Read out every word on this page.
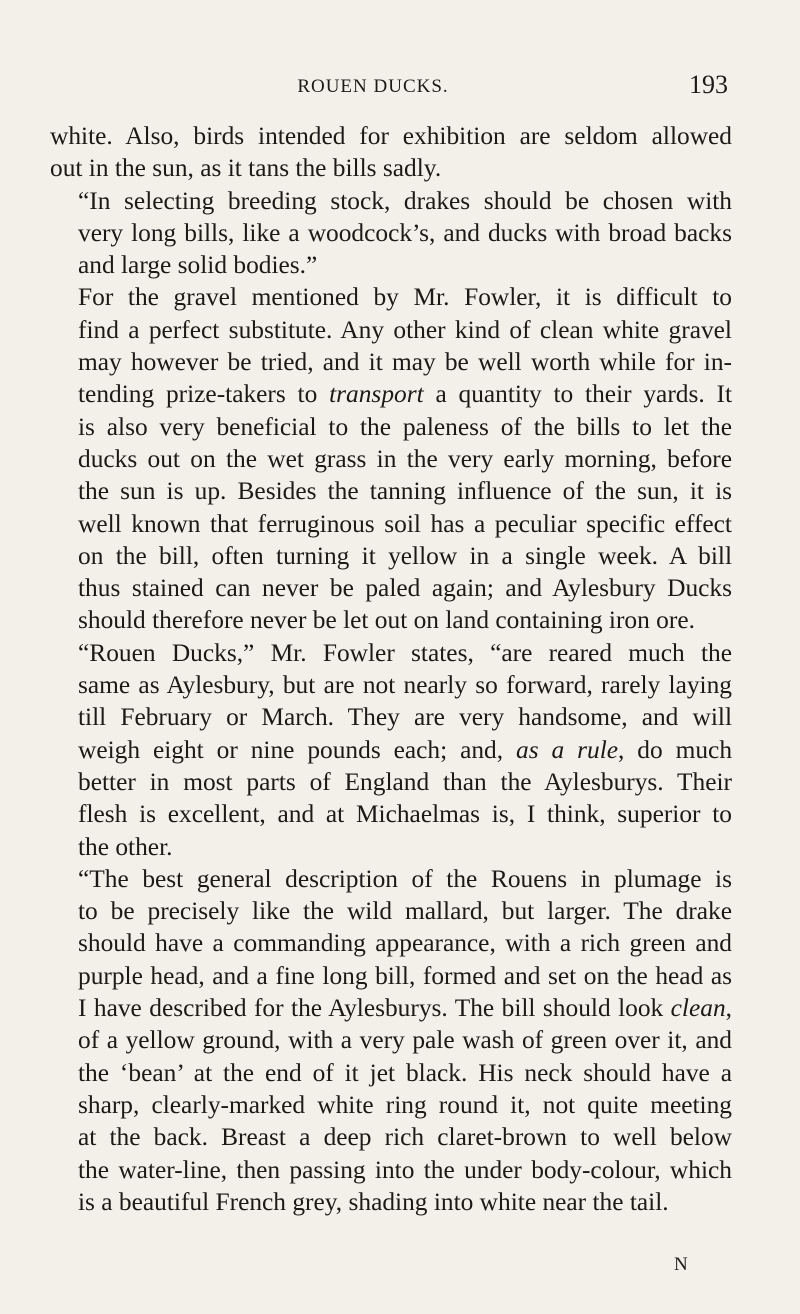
ROUEN DUCKS.	193

white. Also, birds intended for exhibition are seldom allowed
out in the sun, as it tans the bills sadly.

“In selecting breeding stock, drakes should be chosen with
very long bills, like a woodcock’s, and ducks with broad backs
and large solid bodies.”

For the gravel mentioned by Mr. Fowler, it is difficult to
find a perfect substitute. Any other kind of clean white gravel
may however be tried, and it may be well worth while for in-
tending prize-takers to transport a quantity to their yards. It
is also very beneficial to the paleness of the bills to let the
ducks out on the wet grass in the very early morning, before
the sun is up. Besides the tanning influence of the sun, it is
well known that ferruginous soil has a peculiar specific effect
on the bill, often turning it yellow in a single week. A bill
thus stained can never be paled again; and Aylesbury Ducks
should therefore never be let out on land containing iron ore.

“Rouen Ducks,” Mr. Fowler states, “are reared much the
same as Aylesbury, but are not nearly so forward, rarely laying
till February or March. They are very handsome, and will
weigh eight or nine pounds each; and, as a rule, do much
better in most parts of England than the Aylesburys. Their
flesh is excellent, and at Michaelmas is, I think, superior to
the other.

“The best general description of the Rouens in plumage is
to be precisely like the wild mallard, but larger. The drake
should have a commanding appearance, with a rich green and
purple head, and a fine long bill, formed and set on the head as
I have described for the Aylesburys. The bill should look clean,
of a yellow ground, with a very pale wash of green over it, and
the ‘bean’ at the end of it jet black. His neck should have a
sharp, clearly-marked white ring round it, not quite meeting
at the back. Breast a deep rich claret-brown to well below
the water-line, then passing into the under body-colour, which
is a beautiful French grey, shading into white near the tail.

N
